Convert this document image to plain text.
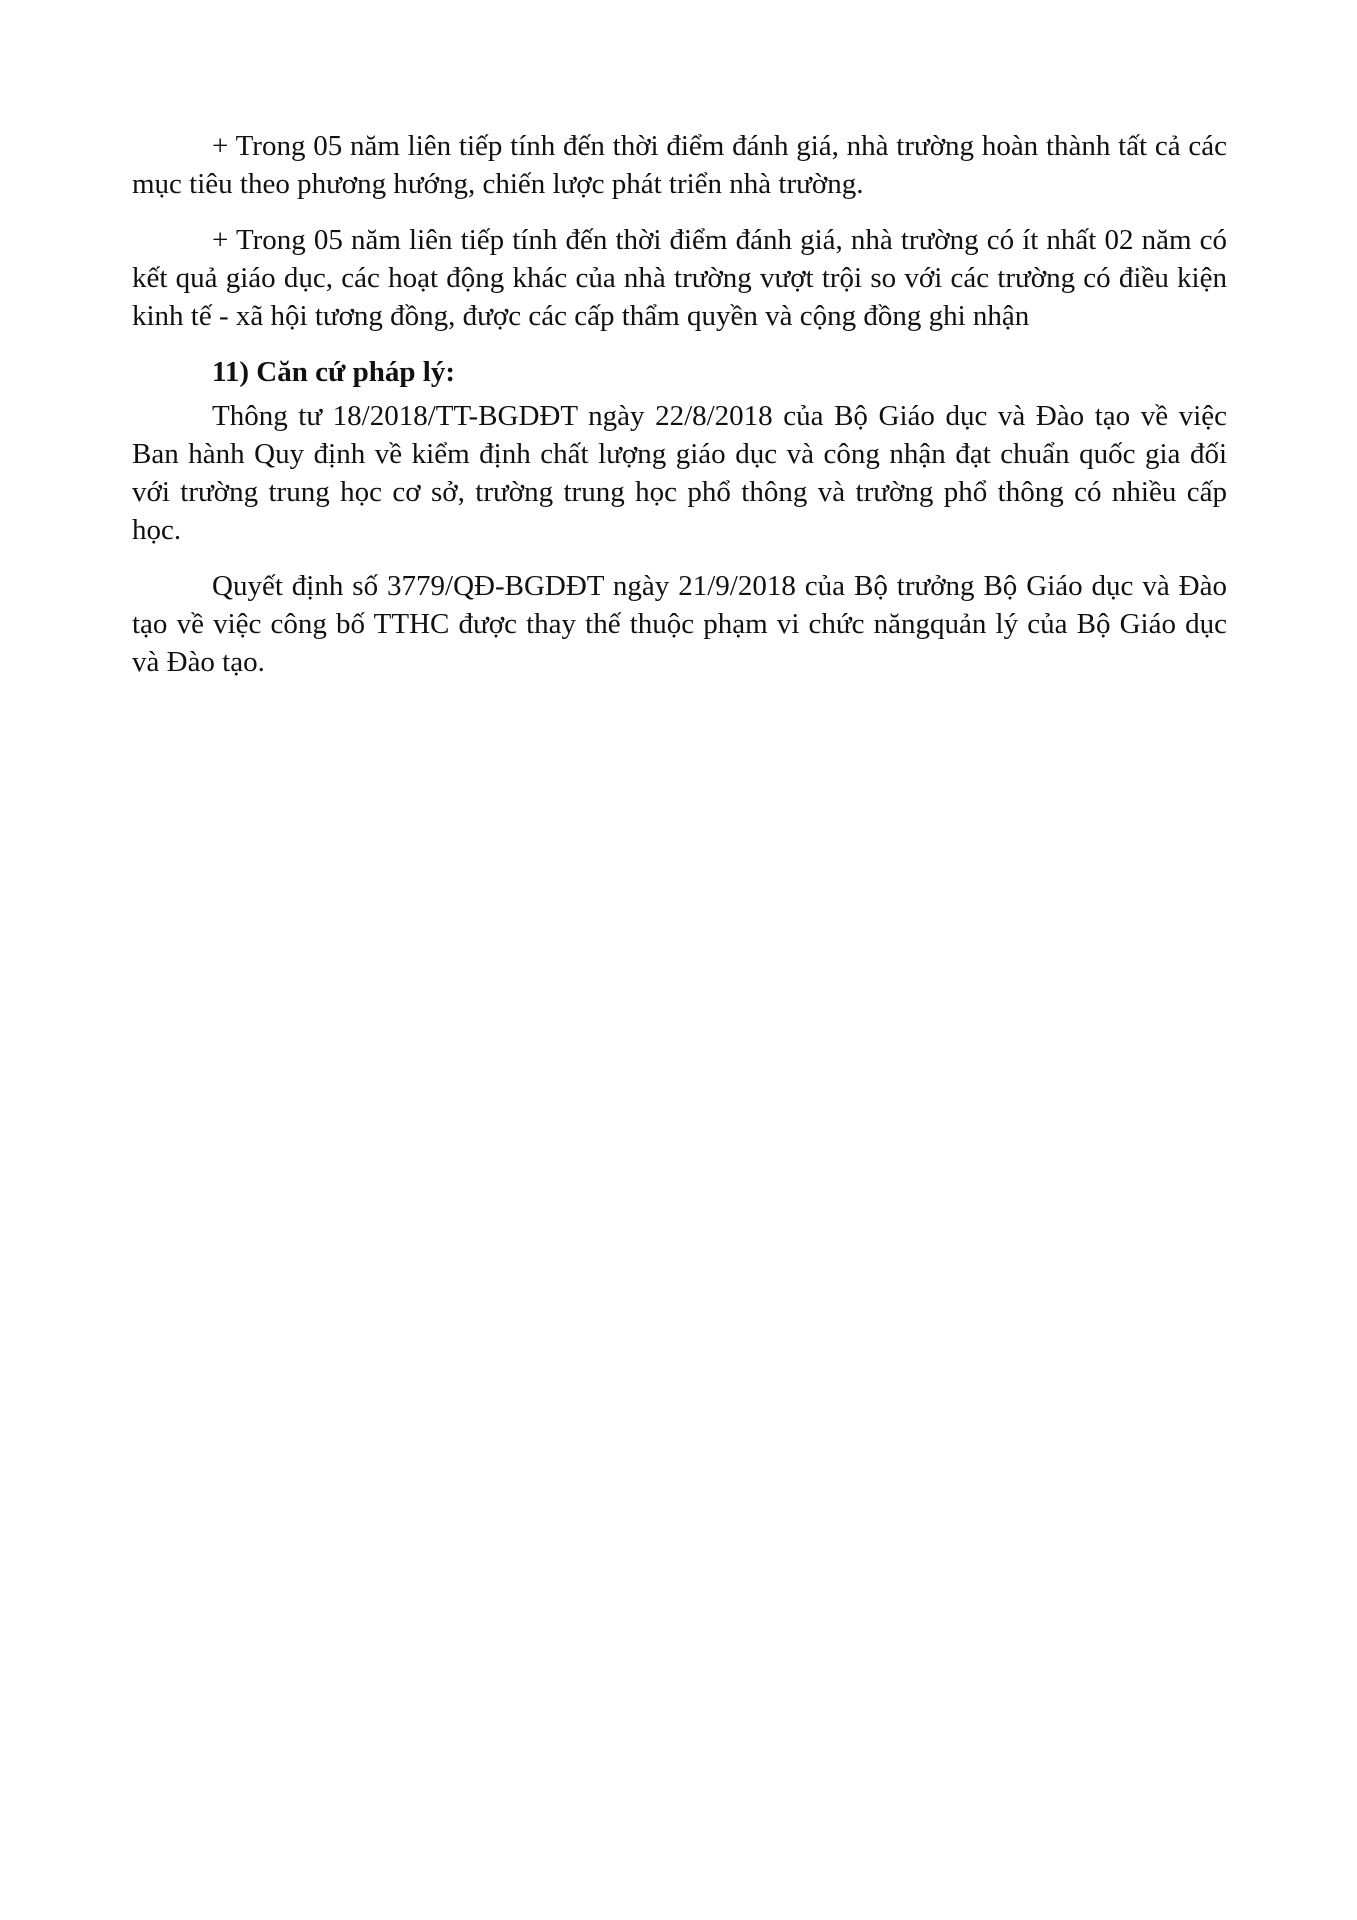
+ Trong 05 năm liên tiếp tính đến thời điểm đánh giá, nhà trường hoàn thành tất cả các mục tiêu theo phương hướng, chiến lược phát triển nhà trường.

+ Trong 05 năm liên tiếp tính đến thời điểm đánh giá, nhà trường có ít nhất 02 năm có kết quả giáo dục, các hoạt động khác của nhà trường vượt trội so với các trường có điều kiện kinh tế - xã hội tương đồng, được các cấp thẩm quyền và cộng đồng ghi nhận

11) Căn cứ pháp lý:

Thông tư 18/2018/TT-BGDĐT ngày 22/8/2018 của Bộ Giáo dục và Đào tạo về việc Ban hành Quy định về kiểm định chất lượng giáo dục và công nhận đạt chuẩn quốc gia đối với trường trung học cơ sở, trường trung học phổ thông và trường phổ thông có nhiều cấp học.

Quyết định số 3779/QĐ-BGDĐT ngày 21/9/2018 của Bộ trưởng Bộ Giáo dục và Đào tạo về việc công bố TTHC được thay thế thuộc phạm vi chức năngquản lý của Bộ Giáo dục và Đào tạo.
